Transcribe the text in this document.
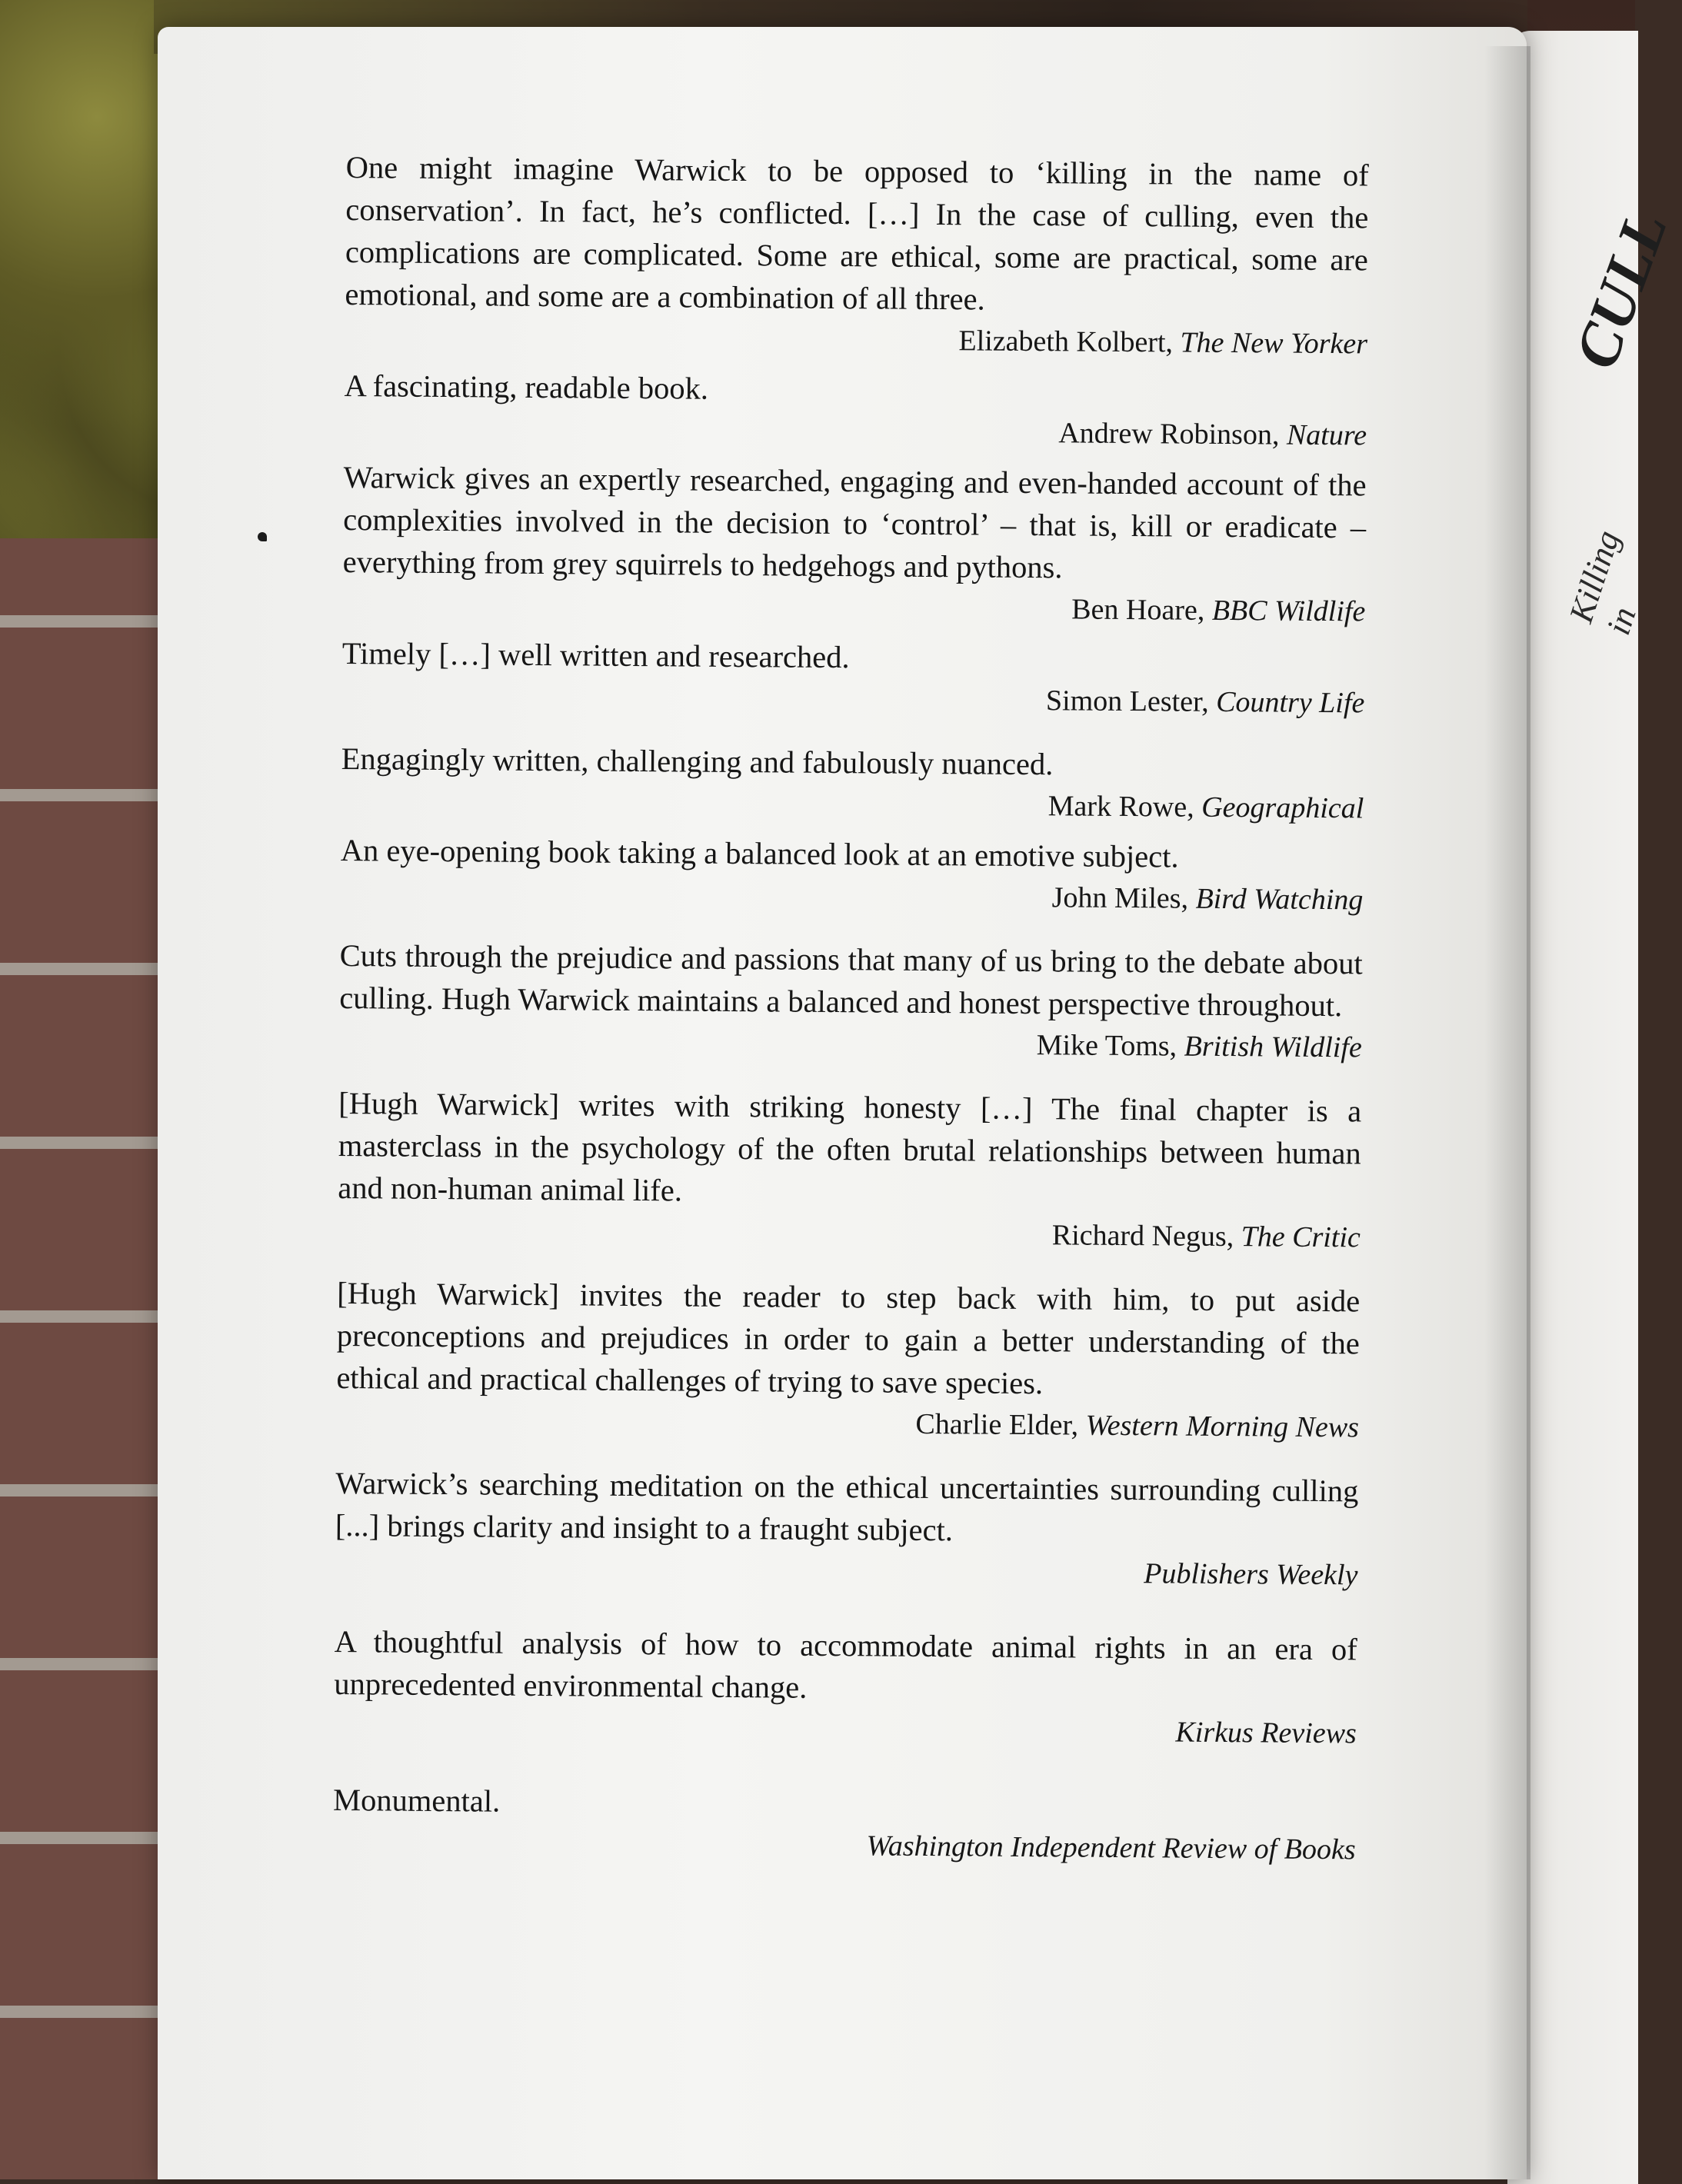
CULL
Killing in
One might imagine Warwick to be opposed to ‘killing in the name of conservation’. In fact, he’s conflicted. […] In the case of culling, even the complications are complicated. Some are ethical, some are practical, some are emotional, and some are a combination of all three.
Elizabeth Kolbert, The New Yorker
A fascinating, readable book.
Andrew Robinson, Nature
Warwick gives an expertly researched, engaging and even-handed account of the complexities involved in the decision to ‘control’ – that is, kill or eradicate – everything from grey squirrels to hedgehogs and pythons.
Ben Hoare, BBC Wildlife
Timely […] well written and researched.
Simon Lester, Country Life
Engagingly written, challenging and fabulously nuanced.
Mark Rowe, Geographical
An eye-opening book taking a balanced look at an emotive subject.
John Miles, Bird Watching
Cuts through the prejudice and passions that many of us bring to the debate about culling. Hugh Warwick maintains a balanced and honest perspective throughout.
Mike Toms, British Wildlife
[Hugh Warwick] writes with striking honesty […] The final chapter is a masterclass in the psychology of the often brutal relationships between human and non-human animal life.
Richard Negus, The Critic
[Hugh Warwick] invites the reader to step back with him, to put aside preconceptions and prejudices in order to gain a better understanding of the ethical and practical challenges of trying to save species.
Charlie Elder, Western Morning News
Warwick’s searching meditation on the ethical uncertainties surrounding culling [...] brings clarity and insight to a fraught subject.
Publishers Weekly
A thoughtful analysis of how to accommodate animal rights in an era of unprecedented environmental change.
Kirkus Reviews
Monumental.
Washington Independent Review of Books
